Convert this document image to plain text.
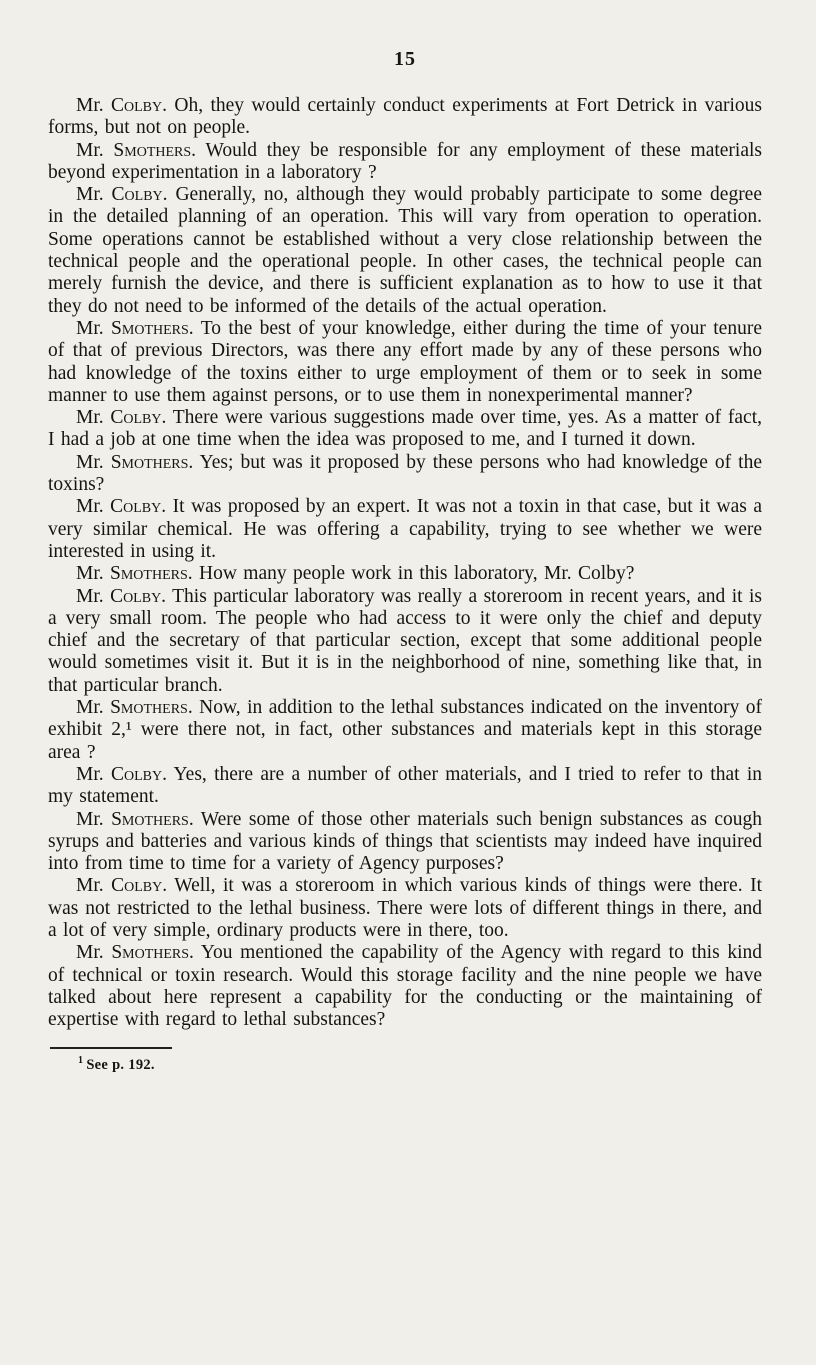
15

Mr. Colby. Oh, they would certainly conduct experiments at Fort Detrick in various forms, but not on people.

Mr. Smothers. Would they be responsible for any employment of these materials beyond experimentation in a laboratory ?

Mr. Colby. Generally, no, although they would probably participate to some degree in the detailed planning of an operation. This will vary from operation to operation. Some operations cannot be established without a very close relationship between the technical people and the operational people. In other cases, the technical people can merely furnish the device, and there is sufficient explanation as to how to use it that they do not need to be informed of the details of the actual operation.

Mr. Smothers. To the best of your knowledge, either during the time of your tenure of that of previous Directors, was there any effort made by any of these persons who had knowledge of the toxins either to urge employment of them or to seek in some manner to use them against persons, or to use them in nonexperimental manner?

Mr. Colby. There were various suggestions made over time, yes. As a matter of fact, I had a job at one time when the idea was proposed to me, and I turned it down.

Mr. Smothers. Yes; but was it proposed by these persons who had knowledge of the toxins?

Mr. Colby. It was proposed by an expert. It was not a toxin in that case, but it was a very similar chemical. He was offering a capability, trying to see whether we were interested in using it.

Mr. Smothers. How many people work in this laboratory, Mr. Colby?

Mr. Colby. This particular laboratory was really a storeroom in recent years, and it is a very small room. The people who had access to it were only the chief and deputy chief and the secretary of that particular section, except that some additional people would sometimes visit it. But it is in the neighborhood of nine, something like that, in that particular branch.

Mr. Smothers. Now, in addition to the lethal substances indicated on the inventory of exhibit 2,¹ were there not, in fact, other substances and materials kept in this storage area ?

Mr. Colby. Yes, there are a number of other materials, and I tried to refer to that in my statement.

Mr. Smothers. Were some of those other materials such benign substances as cough syrups and batteries and various kinds of things that scientists may indeed have inquired into from time to time for a variety of Agency purposes?

Mr. Colby. Well, it was a storeroom in which various kinds of things were there. It was not restricted to the lethal business. There were lots of different things in there, and a lot of very simple, ordinary products were in there, too.

Mr. Smothers. You mentioned the capability of the Agency with regard to this kind of technical or toxin research. Would this storage facility and the nine people we have talked about here represent a capability for the conducting or the maintaining of expertise with regard to lethal substances?

$^1$ See p. 192.
